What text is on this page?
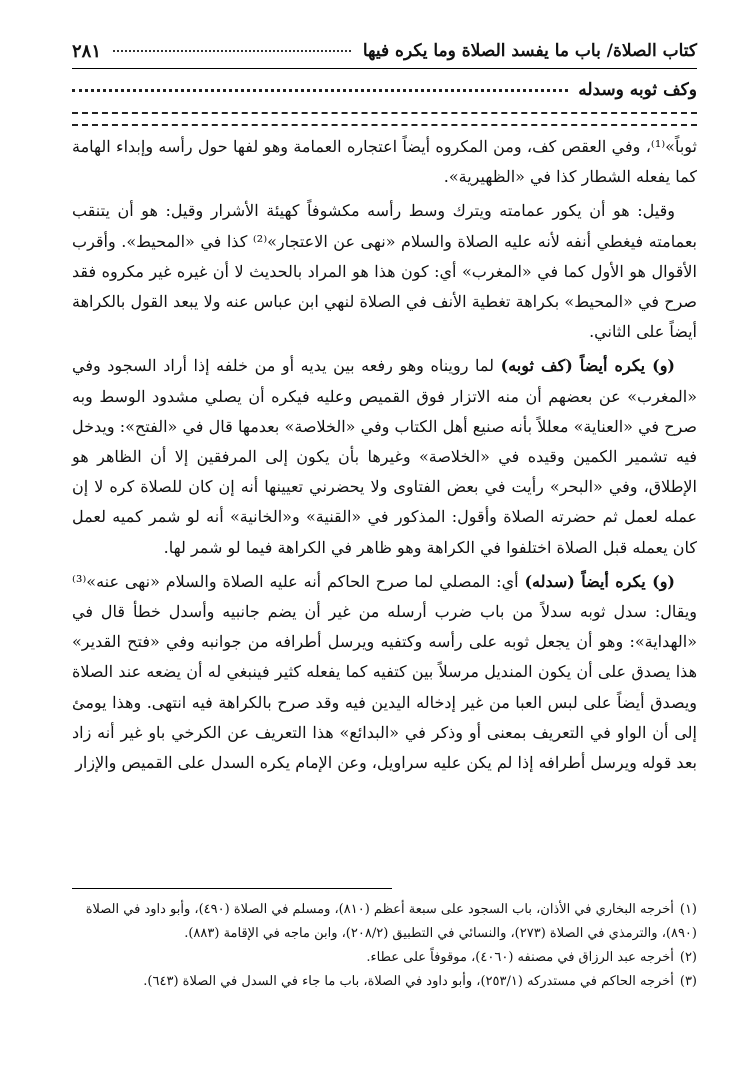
كتاب الصلاة/ باب ما يفسد الصلاة وما يكره فيها
٢٨١
وكف ثوبه وسدله

ثوباً»⁽¹⁾، وفي العقص كف، ومن المكروه أيضاً اعتجاره العمامة وهو لفها حول رأسه وإبداء الهامة كما يفعله الشطار كذا في «الظهيرية».

وقيل: هو أن يكور عمامته ويترك وسط رأسه مكشوفاً كهيئة الأشرار وقيل: هو أن يتنقب بعمامته فيغطي أنفه لأنه عليه الصلاة والسلام «نهى عن الاعتجار»⁽²⁾ كذا في «المحيط». وأقرب الأقوال هو الأول كما في «المغرب» أي: كون هذا هو المراد بالحديث لا أن غيره غير مكروه فقد صرح في «المحيط» بكراهة تغطية الأنف في الصلاة لنهي ابن عباس عنه ولا يبعد القول بالكراهة أيضاً على الثاني.

(و) يكره أيضاً (كف ثوبه) لما رويناه وهو رفعه بين يديه أو من خلفه إذا أراد السجود وفي «المغرب» عن بعضهم أن منه الاتزار فوق القميص وعليه فيكره أن يصلي مشدود الوسط وبه صرح في «العناية» معللاً بأنه صنيع أهل الكتاب وفي «الخلاصة» بعدمها قال في «الفتح»: ويدخل فيه تشمير الكمين وقيده في «الخلاصة» وغيرها بأن يكون إلى المرفقين إلا أن الظاهر هو الإطلاق، وفي «البحر» رأيت في بعض الفتاوى ولا يحضرني تعيينها أنه إن كان للصلاة كره لا إن عمله لعمل ثم حضرته الصلاة وأقول: المذكور في «القنية» و«الخانية» أنه لو شمر كميه لعمل كان يعمله قبل الصلاة اختلفوا في الكراهة وهو ظاهر في الكراهة فيما لو شمر لها.

(و) يكره أيضاً (سدله) أي: المصلي لما صرح الحاكم أنه عليه الصلاة والسلام «نهى عنه»⁽³⁾ ويقال: سدل ثوبه سدلاً من باب ضرب أرسله من غير أن يضم جانبيه وأسدل خطأ قال في «الهداية»: وهو أن يجعل ثوبه على رأسه وكتفيه ويرسل أطرافه من جوانبه وفي «فتح القدير» هذا يصدق على أن يكون المنديل مرسلاً بين كتفيه كما يفعله كثير فينبغي له أن يضعه عند الصلاة ويصدق أيضاً على لبس العبا من غير إدخاله اليدين فيه وقد صرح بالكراهة فيه انتهى. وهذا يومئ إلى أن الواو في التعريف بمعنى أو وذكر في «البدائع» هذا التعريف عن الكرخي باو غير أنه زاد بعد قوله ويرسل أطرافه إذا لم يكن عليه سراويل، وعن الإمام يكره السدل على القميص والإزار

(١)أخرجه البخاري في الأذان، باب السجود على سبعة أعظم (٨١٠)، ومسلم في الصلاة (٤٩٠)، وأبو داود في الصلاة (٨٩٠)، والترمذي في الصلاة (٢٧٣)، والنسائي في التطبيق (٢٠٨/٢)، وابن ماجه في الإقامة (٨٨٣).
(٢)أخرجه عبد الرزاق في مصنفه (٤٠٦٠)، موقوفاً على عطاء.
(٣)أخرجه الحاكم في مستدركه (٢٥٣/١)، وأبو داود في الصلاة، باب ما جاء في السدل في الصلاة (٦٤٣).
